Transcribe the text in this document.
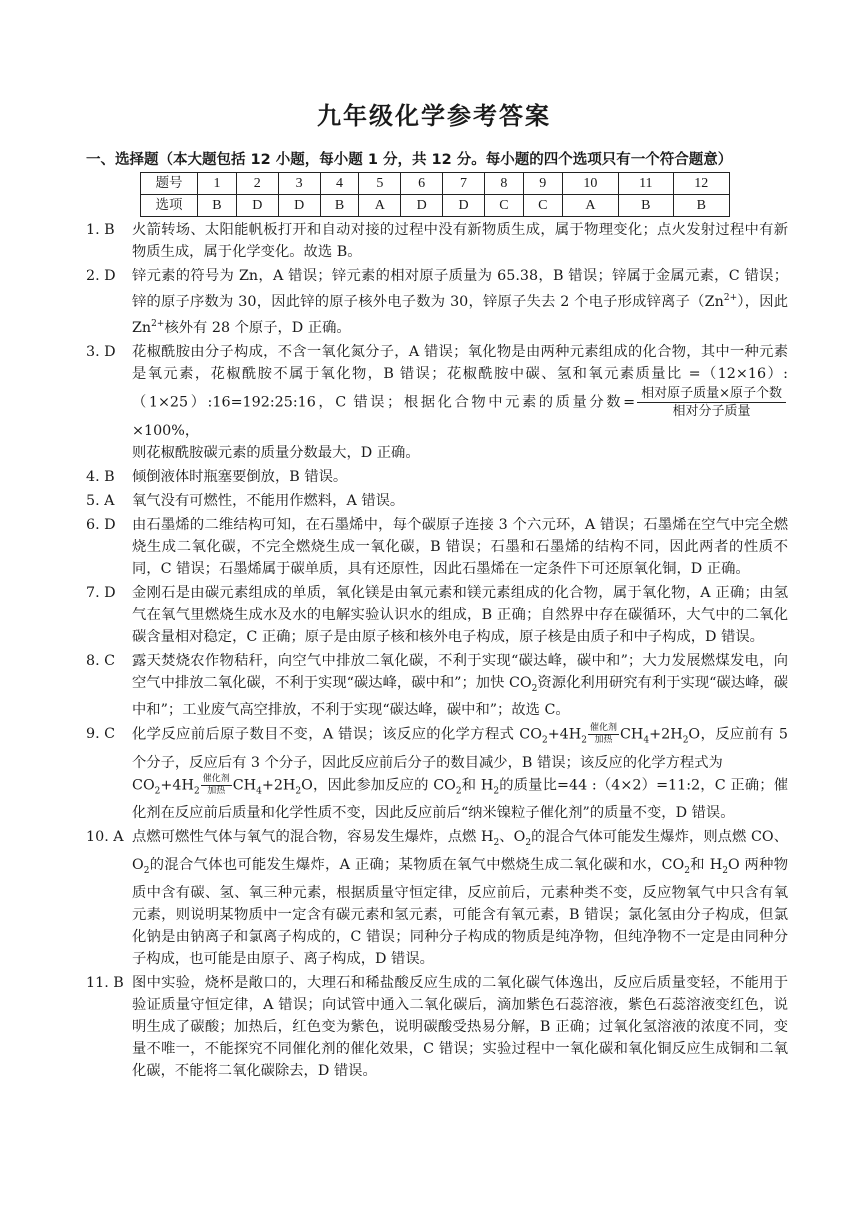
九年级化学参考答案
一、选择题（本大题包括 12 小题，每小题 1 分，共 12 分。每小题的四个选项只有一个符合题意）
题号	1	2	3	4	5	6	7	8	9	10	11	12
选项	B	D	D	B	A	D	D	C	C	A	B	B
1. B	火箭转场、太阳能帆板打开和自动对接的过程中没有新物质生成，属于物理变化；点火发射过程中有新物质生成，属于化学变化。故选 B。
2. D	锌元素的符号为 Zn，A 错误；锌元素的相对原子质量为 65.38，B 错误；锌属于金属元素，C 错误；锌的原子序数为 30，因此锌的原子核外电子数为 30，锌原子失去 2 个电子形成锌离子$(Zn^{2+})$，因此 $Zn^{2+}$核外有 28 个原子，D 正确。
3. D	花椒酰胺由分子构成，不含一氧化氮分子，A 错误；氧化物是由两种元素组成的化合物，其中一种元素是氧元素，花椒酰胺不属于氧化物，B 错误；花椒酰胺中碳、氢和氧元素质量比 =（12×16）:（1×25）:16=192:25:16，C 错误；根据化合物中元素的质量分数= $\frac{\text{相对原子质量×原子个数}}{\text{相对分子质量}}$
×100%，
则花椒酰胺碳元素的质量分数最大，D 正确。
4. B	倾倒液体时瓶塞要倒放，B 错误。
5. A	氧气没有可燃性，不能用作燃料，A 错误。
6. D	由石墨烯的二维结构可知，在石墨烯中，每个碳原子连接 3 个六元环，A 错误；石墨烯在空气中完全燃烧生成二氧化碳，不完全燃烧生成一氧化碳，B 错误；石墨和石墨烯的结构不同，因此两者的性质不同，C 错误；石墨烯属于碳单质，具有还原性，因此石墨烯在一定条件下可还原氧化铜，D 正确。
7. D	金刚石是由碳元素组成的单质，氧化镁是由氧元素和镁元素组成的化合物，属于氧化物，A 正确；由氢气在氧气里燃烧生成水及水的电解实验认识水的组成，B 正确；自然界中存在碳循环，大气中的二氧化碳含量相对稳定，C 正确；原子是由原子核和核外电子构成，原子核是由质子和中子构成，D 错误。
8. C	露天焚烧农作物秸秆，向空气中排放二氧化碳，不利于实现“碳达峰，碳中和”；大力发展燃煤发电，向空气中排放二氧化碳，不利于实现“碳达峰，碳中和”；加快 $CO_2$资源化利用研究有利于实现“碳达峰，碳中和”；工业废气高空排放，不利于实现“碳达峰，碳中和”；故选 C。
9. C	化学反应前后原子数目不变，A 错误；该反应的化学方程式 $CO_2+4H_2$
催化剂
加热 $CH_4+2H_2O$，反应前有 5 个分子，反应后有 3 个分子，因此反应前后分子的数目减少，B 错误；该反应的化学方程式为
$CO_2+4H_2$
催化剂
加热 $CH_4+2H_2O$，因此参加反应的 $CO_2$和 $H_2$的质量比=44 :（4×2）=11:2，C 正确；催化剂在反应前后质量和化学性质不变，因此反应前后“纳米镍粒子催化剂”的质量不变，D 错误。
10. A 点燃可燃性气体与氧气的混合物，容易发生爆炸，点燃 $H_2$、$O_2$的混合气体可能发生爆炸，则点燃 CO、$O_2$的混合气体也可能发生爆炸，A 正确；某物质在氧气中燃烧生成二氧化碳和水，$CO_2$和 $H_2O$ 两种物质中含有碳、氢、氧三种元素，根据质量守恒定律，反应前后，元素种类不变，反应物氧气中只含有氧元素，则说明某物质中一定含有碳元素和氢元素，可能含有氧元素，B 错误；氯化氢由分子构成，但氯化钠是由钠离子和氯离子构成的，C 错误；同种分子构成的物质是纯净物，但纯净物不一定是由同种分子构成，也可能是由原子、离子构成，D 错误。
11. B 图中实验，烧杯是敞口的，大理石和稀盐酸反应生成的二氧化碳气体逸出，反应后质量变轻，不能用于验证质量守恒定律，A 错误；向试管中通入二氧化碳后，滴加紫色石蕊溶液，紫色石蕊溶液变红色，说明生成了碳酸；加热后，红色变为紫色，说明碳酸受热易分解，B 正确；过氧化氢溶液的浓度不同，变量不唯一，不能探究不同催化剂的催化效果，C 错误；实验过程中一氧化碳和氧化铜反应生成铜和二氧化碳，不能将二氧化碳除去，D 错误。
